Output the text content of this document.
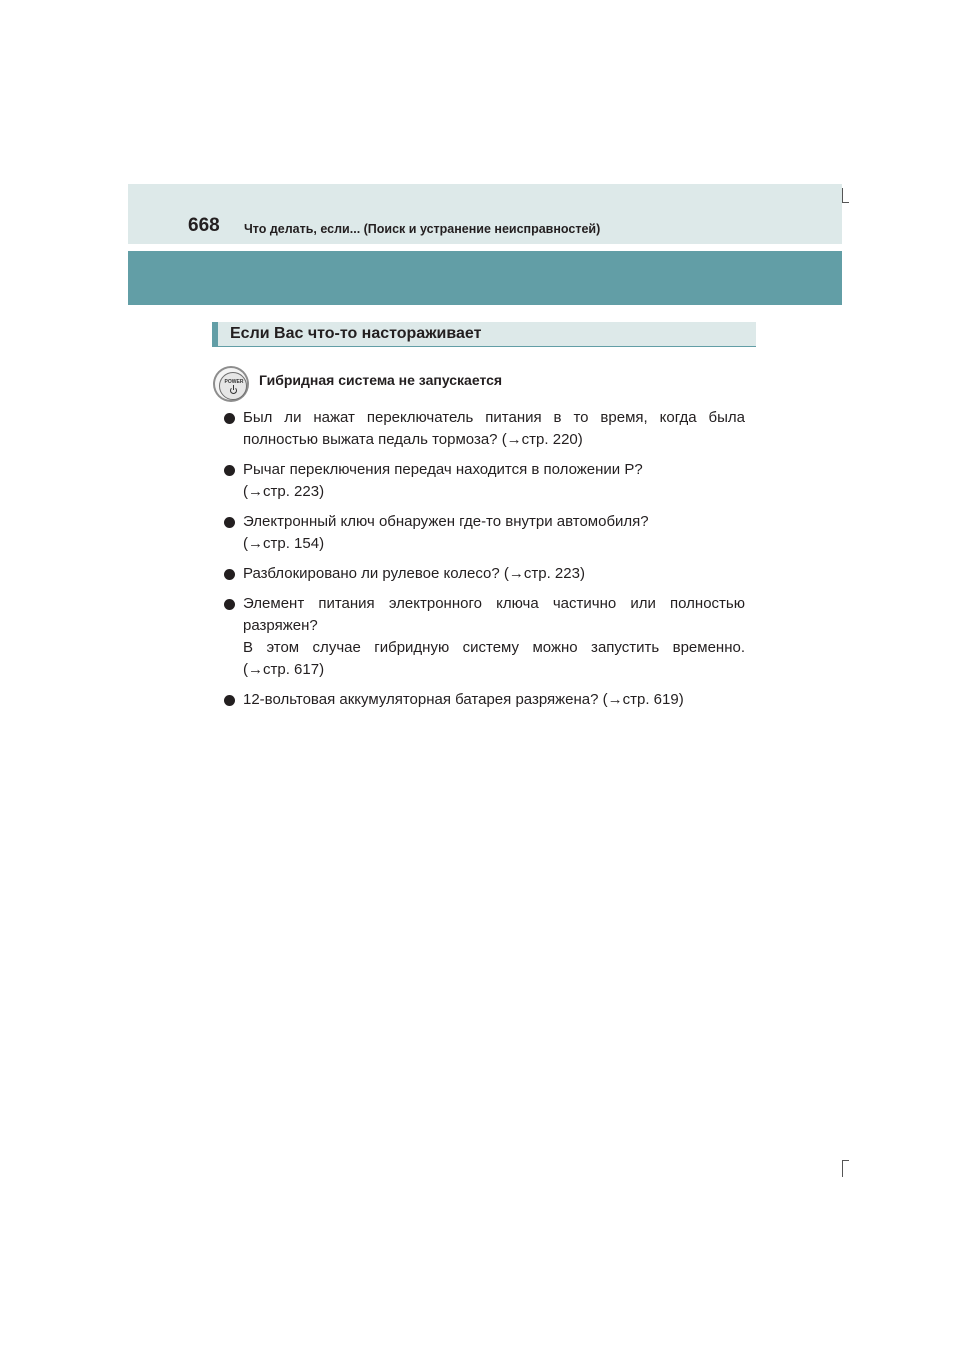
668 Что делать, если... (Поиск и устранение неисправностей)
Если Вас что-то настораживает
POWER	Гибридная система не запускается
Был ли нажат переключатель питания в то время, когда была
полностью выжата педаль тормоза? (→стр. 220)
Рычаг переключения передач находится в положении P?
(→стр. 223)
Электронный ключ обнаружен где-то внутри автомобиля?
(→стр. 154)
Разблокировано ли рулевое колесо? (→стр. 223)
Элемент питания электронного ключа частично или полностью
разряжен?
В этом случае гибридную систему можно запустить временно.
(→стр. 617)
12-вольтовая аккумуляторная батарея разряжена? (→стр. 619)
